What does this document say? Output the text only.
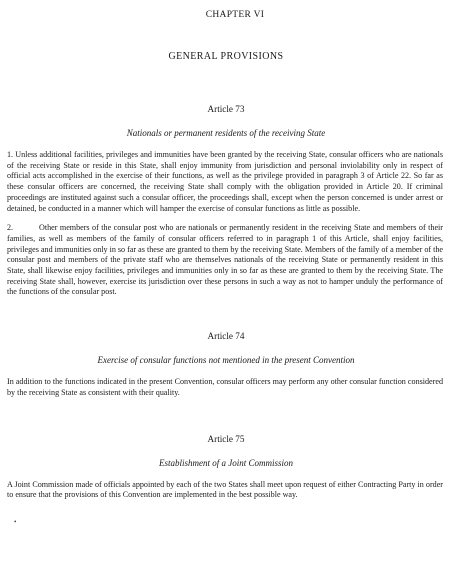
CHAPTER VI
GENERAL PROVISIONS
Article 73
Nationals or permanent residents of the receiving State

1. Unless additional facilities, privileges and immunities have been granted by the receiving State, consular officers who are nationals of the receiving State or reside in this State, shall enjoy immunity from jurisdiction and personal inviolability only in respect of official acts accomplished in the exercise of their functions, as well as the privilege provided in paragraph 3 of Article 22. So far as these consular officers are concerned, the receiving State shall comply with the obligation provided in Article 20. If criminal proceedings are instituted against such a consular officer, the proceedings shall, except when the person concerned is under arrest or detained, be conducted in a manner which will hamper the exercise of consular functions as little as possible.

2.	Other members of the consular post who are nationals or permanently resident in the receiving State and members of their families, as well as members of the family of consular officers referred to in paragraph 1 of this Article, shall enjoy facilities, privileges and immunities only in so far as these are granted to them by the receiving State. Members of the family of a member of the consular post and members of the private staff who are themselves nationals of the receiving State or permanently resident in this State, shall likewise enjoy facilities, privileges and immunities only in so far as these are granted to them by the receiving State. The receiving State shall, however, exercise its jurisdiction over these persons in such a way as not to hamper unduly the performance of the functions of the consular post.

Article 74
Exercise of consular functions not mentioned in the present Convention

In addition to the functions indicated in the present Convention, consular officers may perform any other consular function considered by the receiving State as consistent with their quality.

Article 75
Establishment of a Joint Commission

A Joint Commission made of officials appointed by each of the two States shall meet upon request of either Contracting Party in order to ensure that the provisions of this Convention are implemented in the best possible way.

•
